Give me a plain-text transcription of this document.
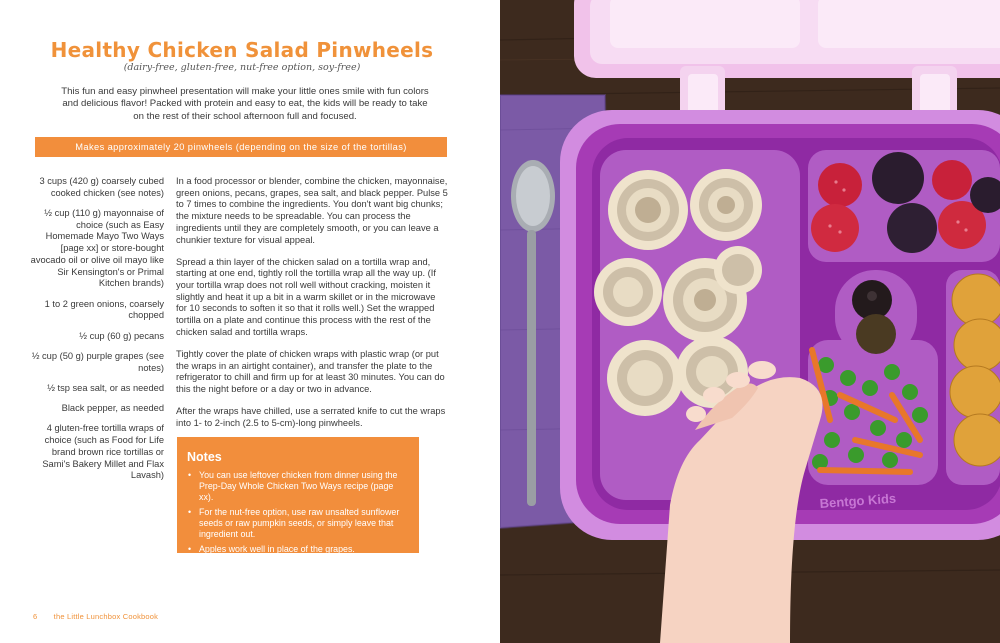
Healthy Chicken Salad Pinwheels
(dairy-free, gluten-free, nut-free option, soy-free)

This fun and easy pinwheel presentation will make your little ones smile with fun colors and delicious flavor! Packed with protein and easy to eat, the kids will be ready to take on the rest of their school afternoon full and focused.

Makes approximately 20 pinwheels (depending on the size of the tortillas)
3 cups (420 g) coarsely cubed cooked chicken (see notes)
½ cup (110 g) mayonnaise of choice (such as Easy Homemade Mayo Two Ways [page xx] or store-bought avocado oil or olive oil mayo like Sir Kensington's or Primal Kitchen brands)
1 to 2 green onions, coarsely chopped
½ cup (60 g) pecans
½ cup (50 g) purple grapes (see notes)
½ tsp sea salt, or as needed
Black pepper, as needed
4 gluten-free tortilla wraps of choice (such as Food for Life brand brown rice tortillas or Sami's Bakery Millet and Flax Lavash)

In a food processor or blender, combine the chicken, mayonnaise, green onions, pecans, grapes, sea salt, and black pepper. Pulse 5 to 7 times to combine the ingredients. You don't want big chunks; the mixture needs to be spreadable. You can process the ingredients until they are completely smooth, or you can leave a chunkier texture for visual appeal.

Spread a thin layer of the chicken salad on a tortilla wrap and, starting at one end, tightly roll the tortilla wrap all the way up. (If your tortilla wrap does not roll well without cracking, moisten it slightly and heat it up a bit in a warm skillet or in the microwave for 10 seconds to soften it so that it rolls well.) Set the wrapped tortilla on a plate and continue this process with the rest of the chicken salad and tortilla wraps.

Tightly cover the plate of chicken wraps with plastic wrap (or put the wraps in an airtight container), and transfer the plate to the refrigerator to chill and firm up for at least 30 minutes. You can do this the night before or a day or two in advance.

After the wraps have chilled, use a serrated knife to cut the wraps into 1- to 2-inch (2.5 to 5-cm)-long pinwheels.

Notes
• You can use leftover chicken from dinner using the Prep-Day Whole Chicken Two Ways recipe (page xx).
• For the nut-free option, use raw unsalted sunflower seeds or raw pumpkin seeds, or simply leave that ingredient out.
• Apples work well in place of the grapes.
6 the Little Lunchbox Cookbook
Bentgo Kids
